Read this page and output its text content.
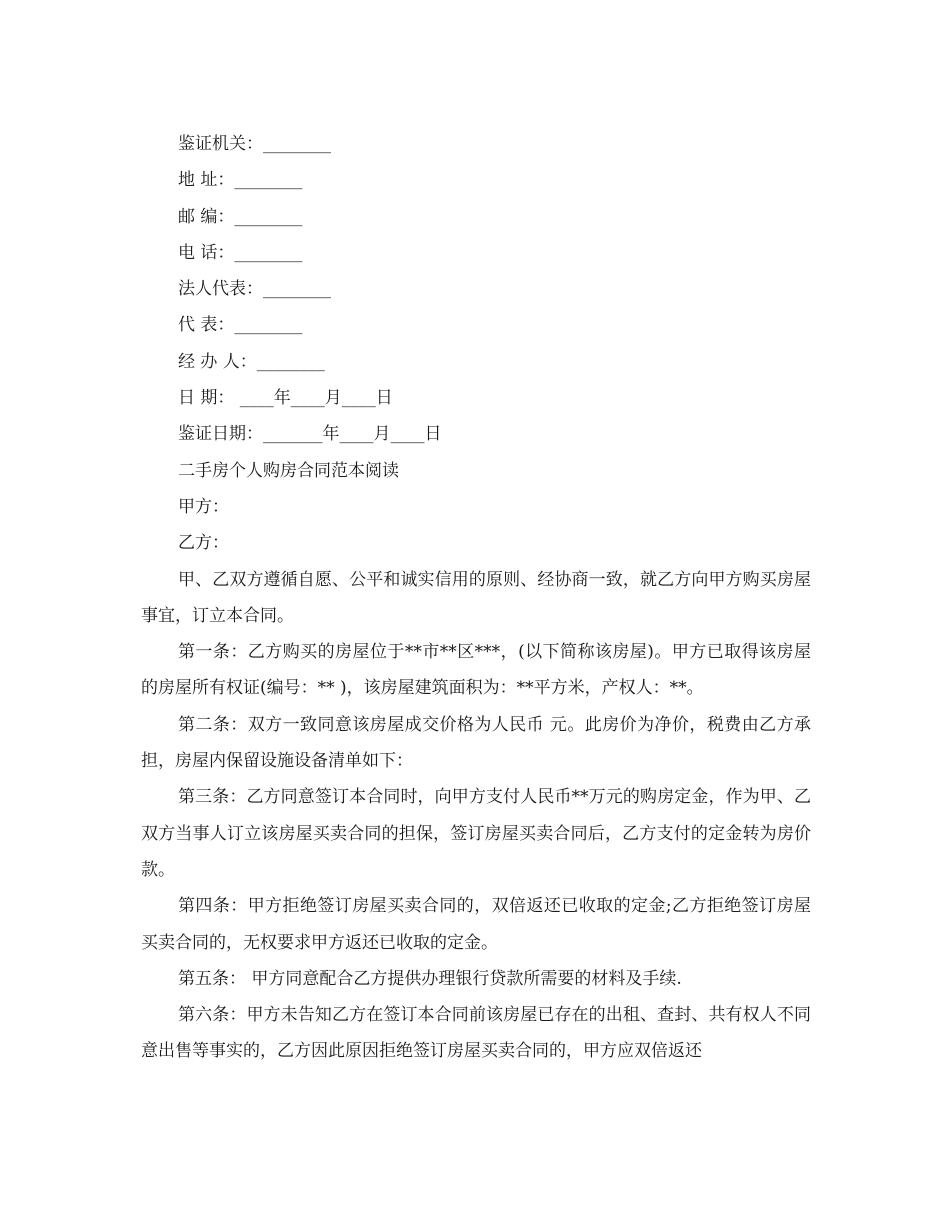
鉴证机关：________
地 址：________
邮 编：________
电 话：________
法人代表：________
代 表：________
经 办 人：________
日 期： ____年____月____日
鉴证日期：_______年____月____日
二手房个人购房合同范本阅读
甲方：
乙方：

甲、乙双方遵循自愿、公平和诚实信用的原则、经协商一致，就乙方向甲方购买房屋事宜，订立本合同。

第一条：乙方购买的房屋位于**市**区***，(以下简称该房屋)。甲方已取得该房屋的房屋所有权证(编号：** )，该房屋建筑面积为：**平方米，产权人：**。

第二条：双方一致同意该房屋成交价格为人民币 元。此房价为净价，税费由乙方承担，房屋内保留设施设备清单如下：

第三条：乙方同意签订本合同时，向甲方支付人民币**万元的购房定金，作为甲、乙双方当事人订立该房屋买卖合同的担保，签订房屋买卖合同后，乙方支付的定金转为房价款。

第四条：甲方拒绝签订房屋买卖合同的，双倍返还已收取的定金;乙方拒绝签订房屋买卖合同的，无权要求甲方返还已收取的定金。

第五条： 甲方同意配合乙方提供办理银行贷款所需要的材料及手续.

第六条：甲方未告知乙方在签订本合同前该房屋已存在的出租、查封、共有权人不同意出售等事实的，乙方因此原因拒绝签订房屋买卖合同的，甲方应双倍返还
